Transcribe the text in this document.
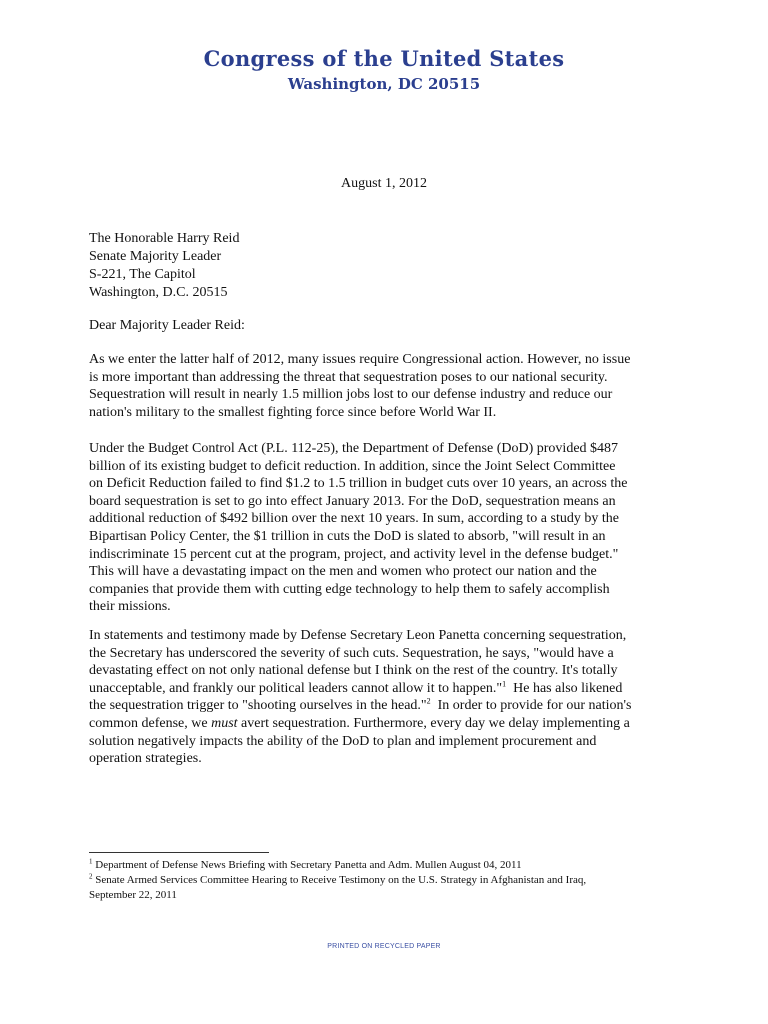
Congress of the United States
Washington, DC 20515
August 1, 2012
The Honorable Harry Reid
Senate Majority Leader
S-221, The Capitol
Washington, D.C. 20515
Dear Majority Leader Reid:
As we enter the latter half of 2012, many issues require Congressional action. However, no issue
is more important than addressing the threat that sequestration poses to our national security.
Sequestration will result in nearly 1.5 million jobs lost to our defense industry and reduce our
nation's military to the smallest fighting force since before World War II.
Under the Budget Control Act (P.L. 112-25), the Department of Defense (DoD) provided $487
billion of its existing budget to deficit reduction. In addition, since the Joint Select Committee
on Deficit Reduction failed to find $1.2 to 1.5 trillion in budget cuts over 10 years, an across the
board sequestration is set to go into effect January 2013. For the DoD, sequestration means an
additional reduction of $492 billion over the next 10 years. In sum, according to a study by the
Bipartisan Policy Center, the $1 trillion in cuts the DoD is slated to absorb, "will result in an
indiscriminate 15 percent cut at the program, project, and activity level in the defense budget."
This will have a devastating impact on the men and women who protect our nation and the
companies that provide them with cutting edge technology to help them to safely accomplish
their missions.
In statements and testimony made by Defense Secretary Leon Panetta concerning sequestration,
the Secretary has underscored the severity of such cuts. Sequestration, he says, "would have a
devastating effect on not only national defense but I think on the rest of the country. It's totally
unacceptable, and frankly our political leaders cannot allow it to happen."$^1$  He has also likened
the sequestration trigger to "shooting ourselves in the head."$^2$  In order to provide for our nation's
common defense, we must avert sequestration. Furthermore, every day we delay implementing a
solution negatively impacts the ability of the DoD to plan and implement procurement and
operation strategies.
$^1$ Department of Defense News Briefing with Secretary Panetta and Adm. Mullen August 04, 2011
$^2$ Senate Armed Services Committee Hearing to Receive Testimony on the U.S. Strategy in Afghanistan and Iraq,
September 22, 2011
PRINTED ON RECYCLED PAPER
